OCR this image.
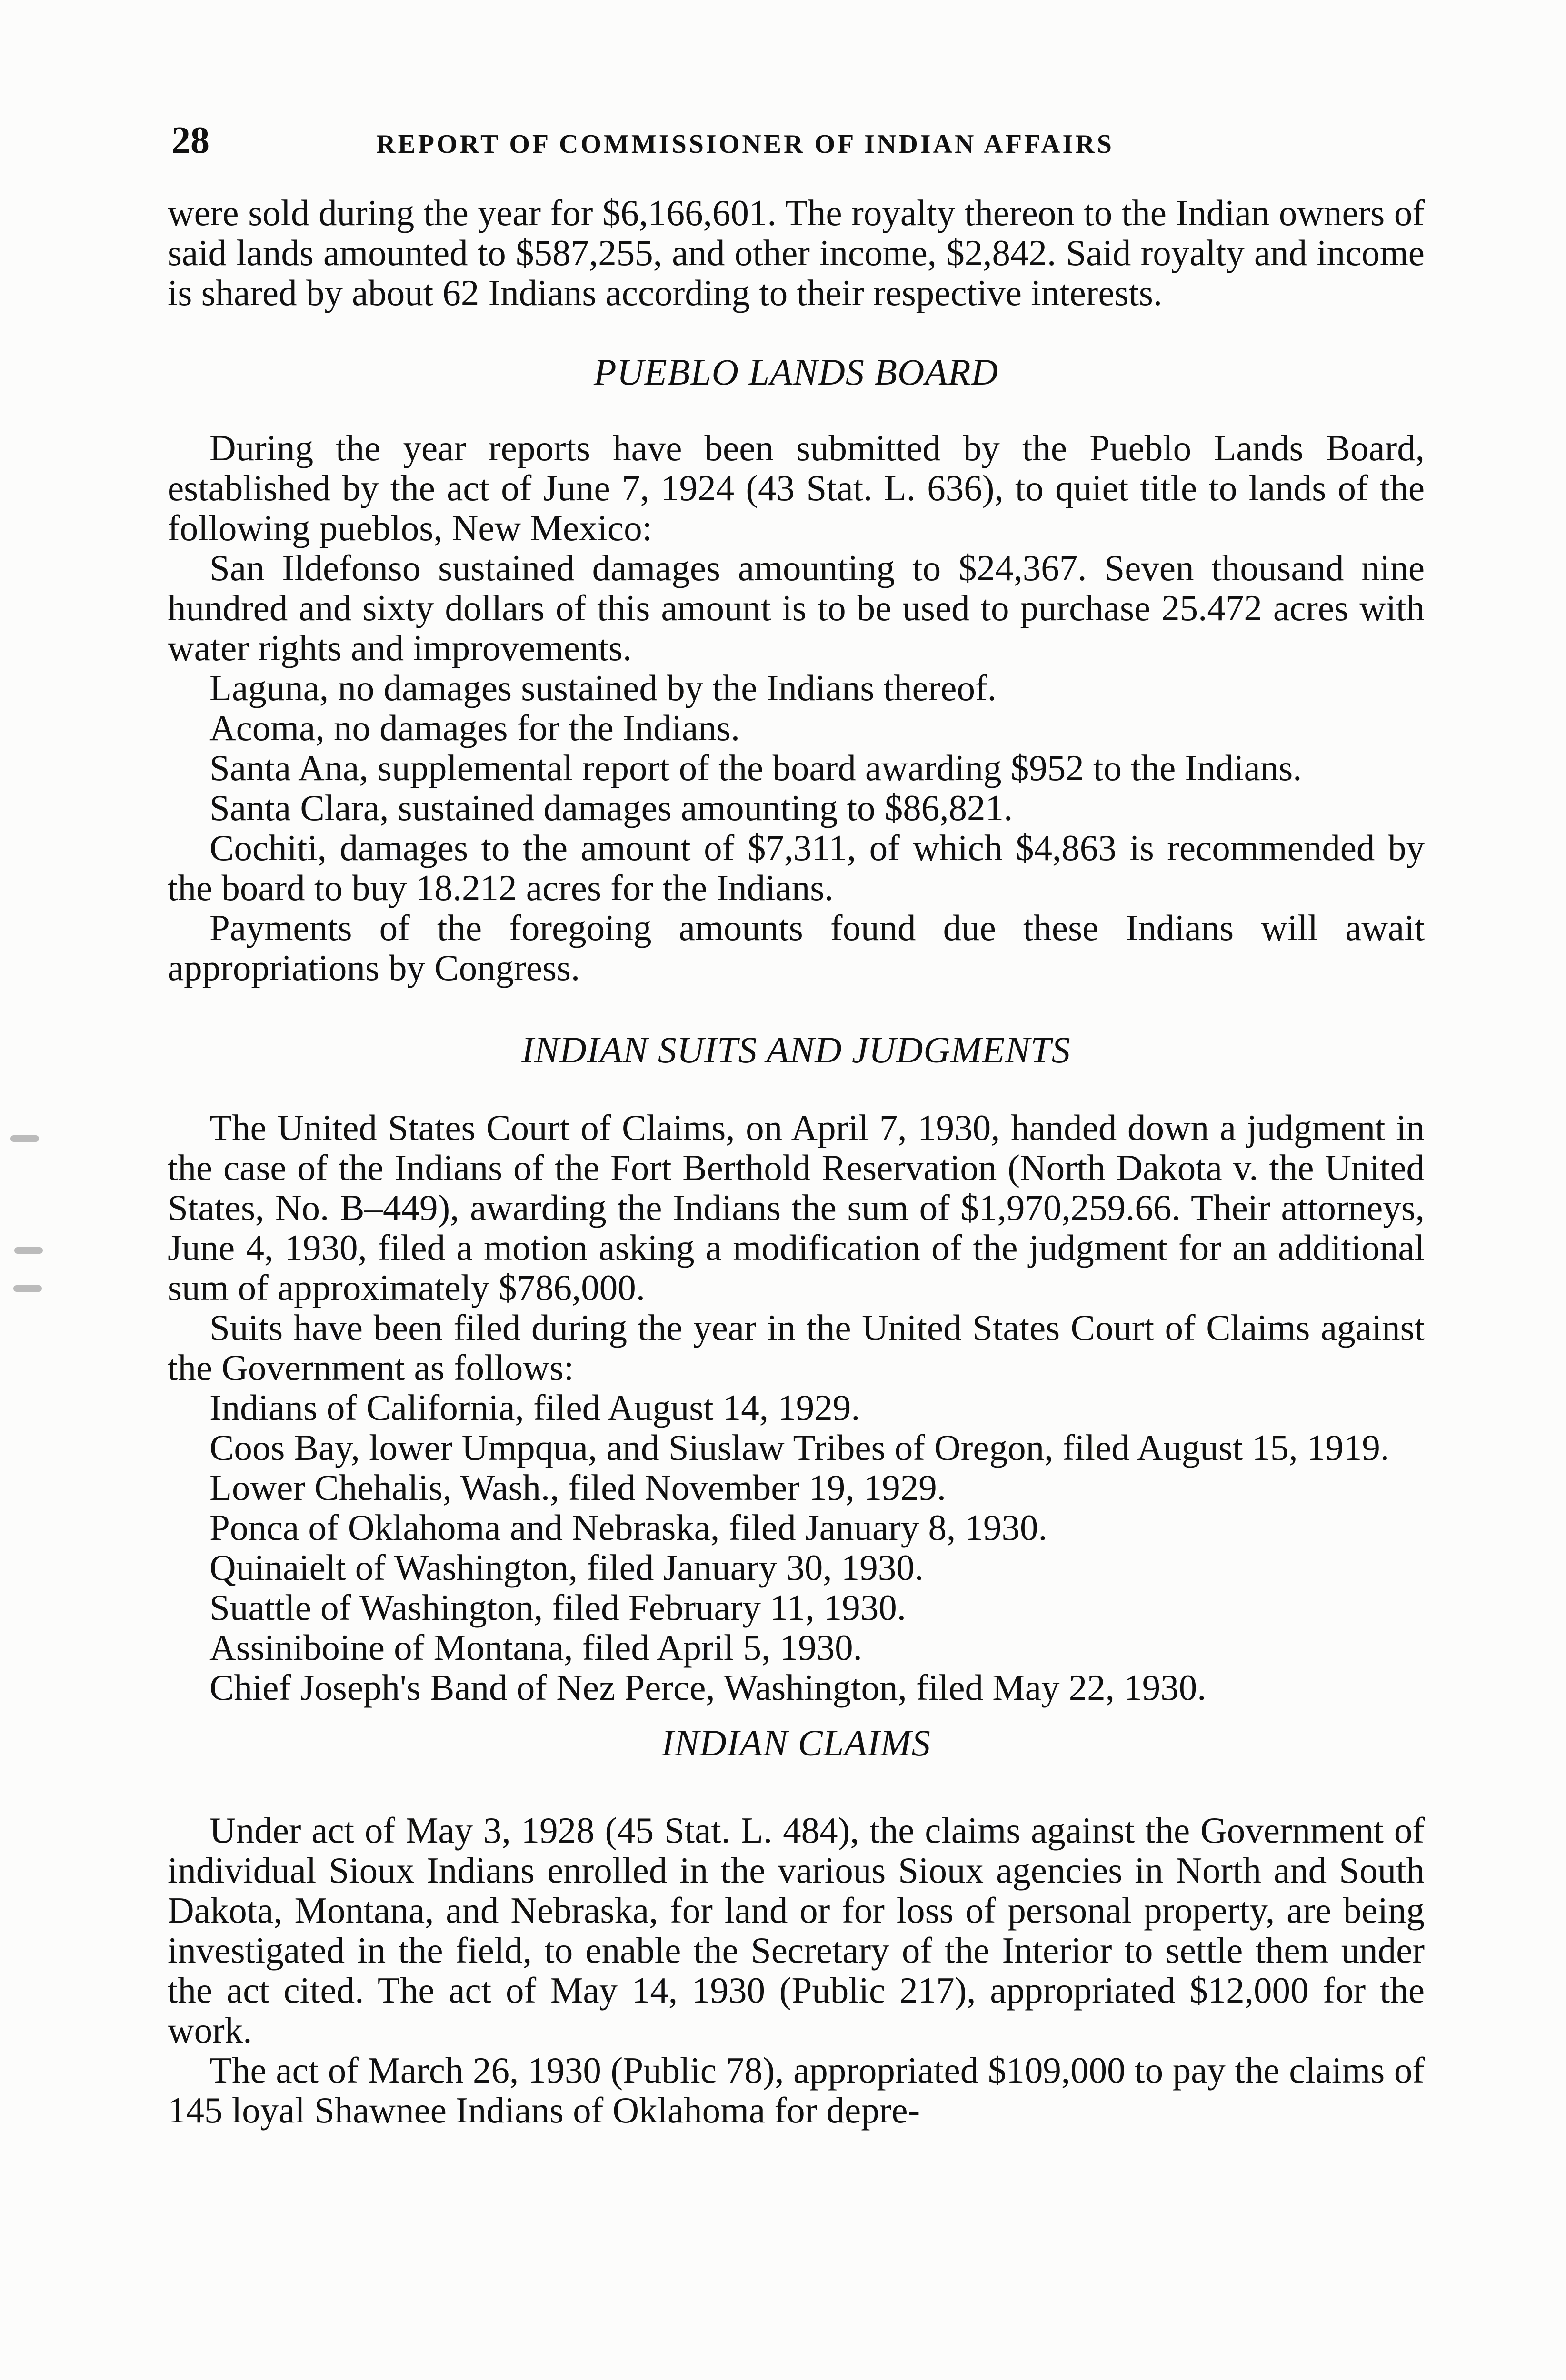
28	REPORT OF COMMISSIONER OF INDIAN AFFAIRS

were sold during the year for $6,166,601. The royalty thereon to the Indian owners of said lands amounted to $587,255, and other income, $2,842. Said royalty and income is shared by about 62 Indians according to their respective interests.

PUEBLO LANDS BOARD

During the year reports have been submitted by the Pueblo Lands Board, established by the act of June 7, 1924 (43 Stat. L. 636), to quiet title to lands of the following pueblos, New Mexico:

San Ildefonso sustained damages amounting to $24,367. Seven thousand nine hundred and sixty dollars of this amount is to be used to purchase 25.472 acres with water rights and improvements.

Laguna, no damages sustained by the Indians thereof.

Acoma, no damages for the Indians.

Santa Ana, supplemental report of the board awarding $952 to the Indians.

Santa Clara, sustained damages amounting to $86,821.

Cochiti, damages to the amount of $7,311, of which $4,863 is recommended by the board to buy 18.212 acres for the Indians.

Payments of the foregoing amounts found due these Indians will await appropriations by Congress.

INDIAN SUITS AND JUDGMENTS

The United States Court of Claims, on April 7, 1930, handed down a judgment in the case of the Indians of the Fort Berthold Reservation (North Dakota v. the United States, No. B–449), awarding the Indians the sum of $1,970,259.66. Their attorneys, June 4, 1930, filed a motion asking a modification of the judgment for an additional sum of approximately $786,000.

Suits have been filed during the year in the United States Court of Claims against the Government as follows:

Indians of California, filed August 14, 1929.

Coos Bay, lower Umpqua, and Siuslaw Tribes of Oregon, filed August 15, 1919.

Lower Chehalis, Wash., filed November 19, 1929.

Ponca of Oklahoma and Nebraska, filed January 8, 1930.

Quinaielt of Washington, filed January 30, 1930.

Suattle of Washington, filed February 11, 1930.

Assiniboine of Montana, filed April 5, 1930.

Chief Joseph's Band of Nez Perce, Washington, filed May 22, 1930.

INDIAN CLAIMS

Under act of May 3, 1928 (45 Stat. L. 484), the claims against the Government of individual Sioux Indians enrolled in the various Sioux agencies in North and South Dakota, Montana, and Nebraska, for land or for loss of personal property, are being investigated in the field, to enable the Secretary of the Interior to settle them under the act cited. The act of May 14, 1930 (Public 217), appropriated $12,000 for the work.

The act of March 26, 1930 (Public 78), appropriated $109,000 to pay the claims of 145 loyal Shawnee Indians of Oklahoma for depre-
